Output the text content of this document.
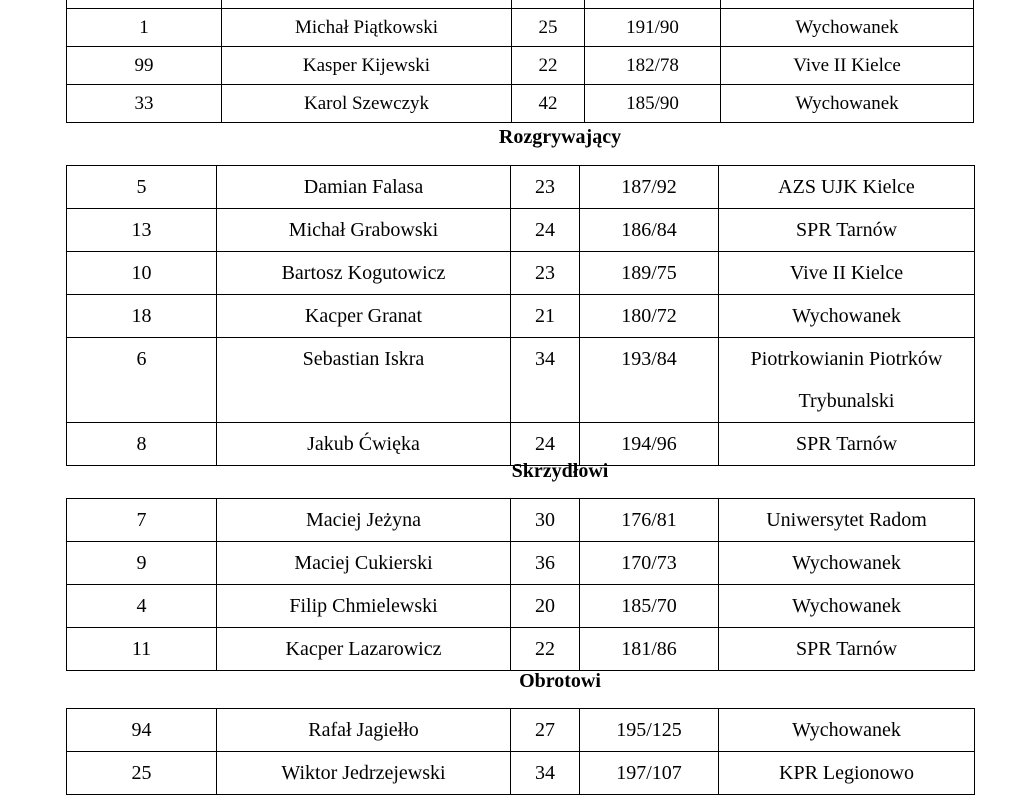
1	Michał Piątkowski	25	191/90	Wychowanek
99	Kasper Kijewski	22	182/78	Vive II Kielce
33	Karol Szewczyk	42	185/90	Wychowanek
Rozgrywający
5	Damian Falasa	23	187/92	AZS UJK Kielce
13	Michał Grabowski	24	186/84	SPR Tarnów
10	Bartosz Kogutowicz	23	189/75	Vive II Kielce
18	Kacper Granat	21	180/72	Wychowanek
6	Sebastian Iskra	34	193/84	Piotrkowianin Piotrków
Trybunalski

8	Jakub Ćwięka	24	194/96	SPR Tarnów
Skrzydłowi
7	Maciej Jeżyna	30	176/81	Uniwersytet Radom
9	Maciej Cukierski	36	170/73	Wychowanek
4	Filip Chmielewski	20	185/70	Wychowanek
11	Kacper Lazarowicz	22	181/86	SPR Tarnów
Obrotowi
94	Rafał Jagiełło	27	195/125	Wychowanek
25	Wiktor Jedrzejewski	34	197/107	KPR Legionowo
